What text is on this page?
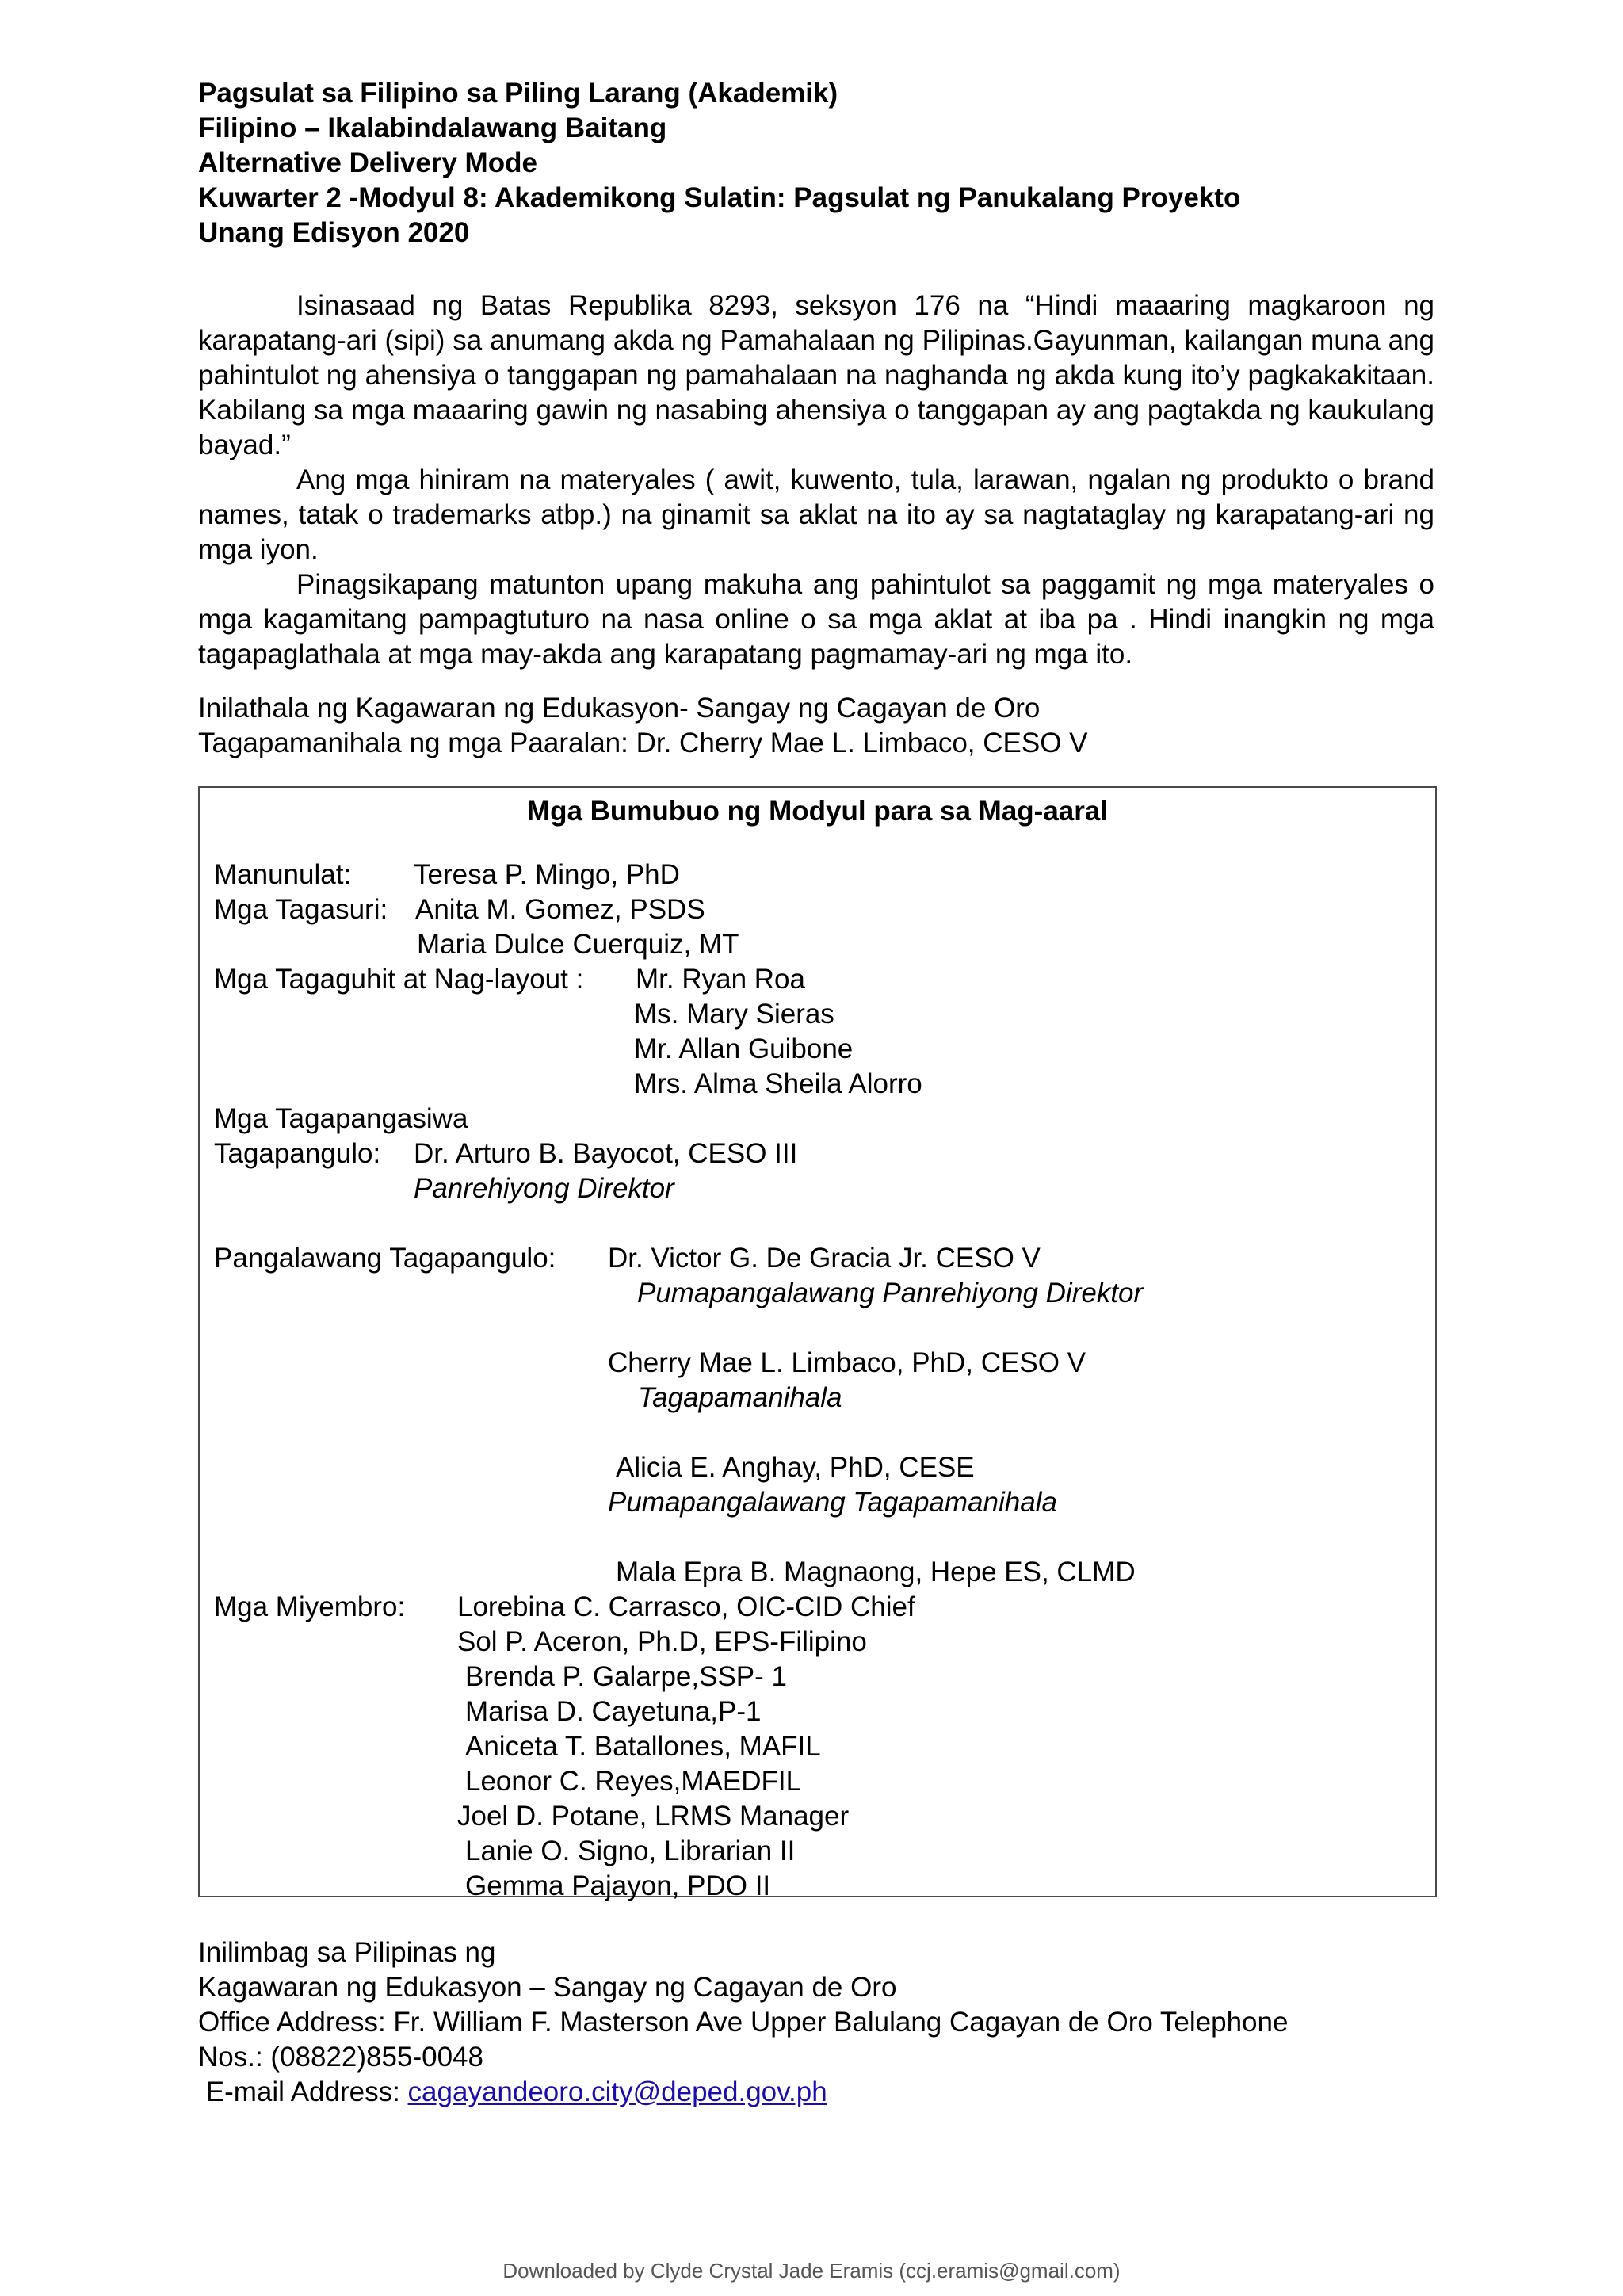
Pagsulat sa Filipino sa Piling Larang (Akademik)
Filipino – Ikalabindalawang Baitang
Alternative Delivery Mode
Kuwarter 2 -Modyul 8: Akademikong Sulatin: Pagsulat ng Panukalang Proyekto
Unang Edisyon 2020
Isinasaad ng Batas Republika 8293, seksyon 176 na “Hindi maaaring magkaroon ng karapatang-ari (sipi) sa anumang akda ng Pamahalaan ng Pilipinas.Gayunman, kailangan muna ang pahintulot ng ahensiya o tanggapan ng pamahalaan na naghanda ng akda kung ito’y pagkakakitaan. Kabilang sa mga maaaring gawin ng nasabing ahensiya o tanggapan ay ang pagtakda ng kaukulang bayad.”
Ang mga hiniram na materyales ( awit, kuwento, tula, larawan, ngalan ng produkto o brand names, tatak o trademarks atbp.) na ginamit sa aklat na ito ay sa nagtataglay ng karapatang-ari ng mga iyon.
Pinagsikapang matunton upang makuha ang pahintulot sa paggamit ng mga materyales o mga kagamitang pampagtuturo na nasa online o sa mga aklat at iba pa . Hindi inangkin ng mga tagapaglathala at mga may-akda ang karapatang pagmamay-ari ng mga ito.
Inilathala ng Kagawaran ng Edukasyon- Sangay ng Cagayan de Oro
Tagapamanihala ng mga Paaralan: Dr. Cherry Mae L. Limbaco, CESO V
Mga Bumubuo ng Modyul para sa Mag-aaral
Manunulat: Teresa P. Mingo, PhD
Mga Tagasuri: Anita M. Gomez, PSDS
Maria Dulce Cuerquiz, MT
Mga Tagaguhit at Nag-layout : Mr. Ryan Roa
Ms. Mary Sieras
Mr. Allan Guibone
Mrs. Alma Sheila Alorro
Mga Tagapangasiwa
Tagapangulo: Dr. Arturo B. Bayocot, CESO III
Panrehiyong Direktor
Pangalawang Tagapangulo: Dr. Victor G. De Gracia Jr. CESO V
Pumapangalawang Panrehiyong Direktor
Cherry Mae L. Limbaco, PhD, CESO V
Tagapamanihala
Alicia E. Anghay, PhD, CESE
Pumapangalawang Tagapamanihala
Mala Epra B. Magnaong, Hepe ES, CLMD
Mga Miyembro: Lorebina C. Carrasco, OIC-CID Chief
Sol P. Aceron, Ph.D, EPS-Filipino
Brenda P. Galarpe,SSP- 1
Marisa D. Cayetuna,P-1
Aniceta T. Batallones, MAFIL
Leonor C. Reyes,MAEDFIL
Joel D. Potane, LRMS Manager
Lanie O. Signo, Librarian II
Gemma Pajayon, PDO II
Inilimbag sa Pilipinas ng
Kagawaran ng Edukasyon – Sangay ng Cagayan de Oro
Office Address: Fr. William F. Masterson Ave Upper Balulang Cagayan de Oro Telephone
Nos.: (08822)855-0048
E-mail Address: cagayandeoro.city@deped.gov.ph
Downloaded by Clyde Crystal Jade Eramis (ccj.eramis@gmail.com)
